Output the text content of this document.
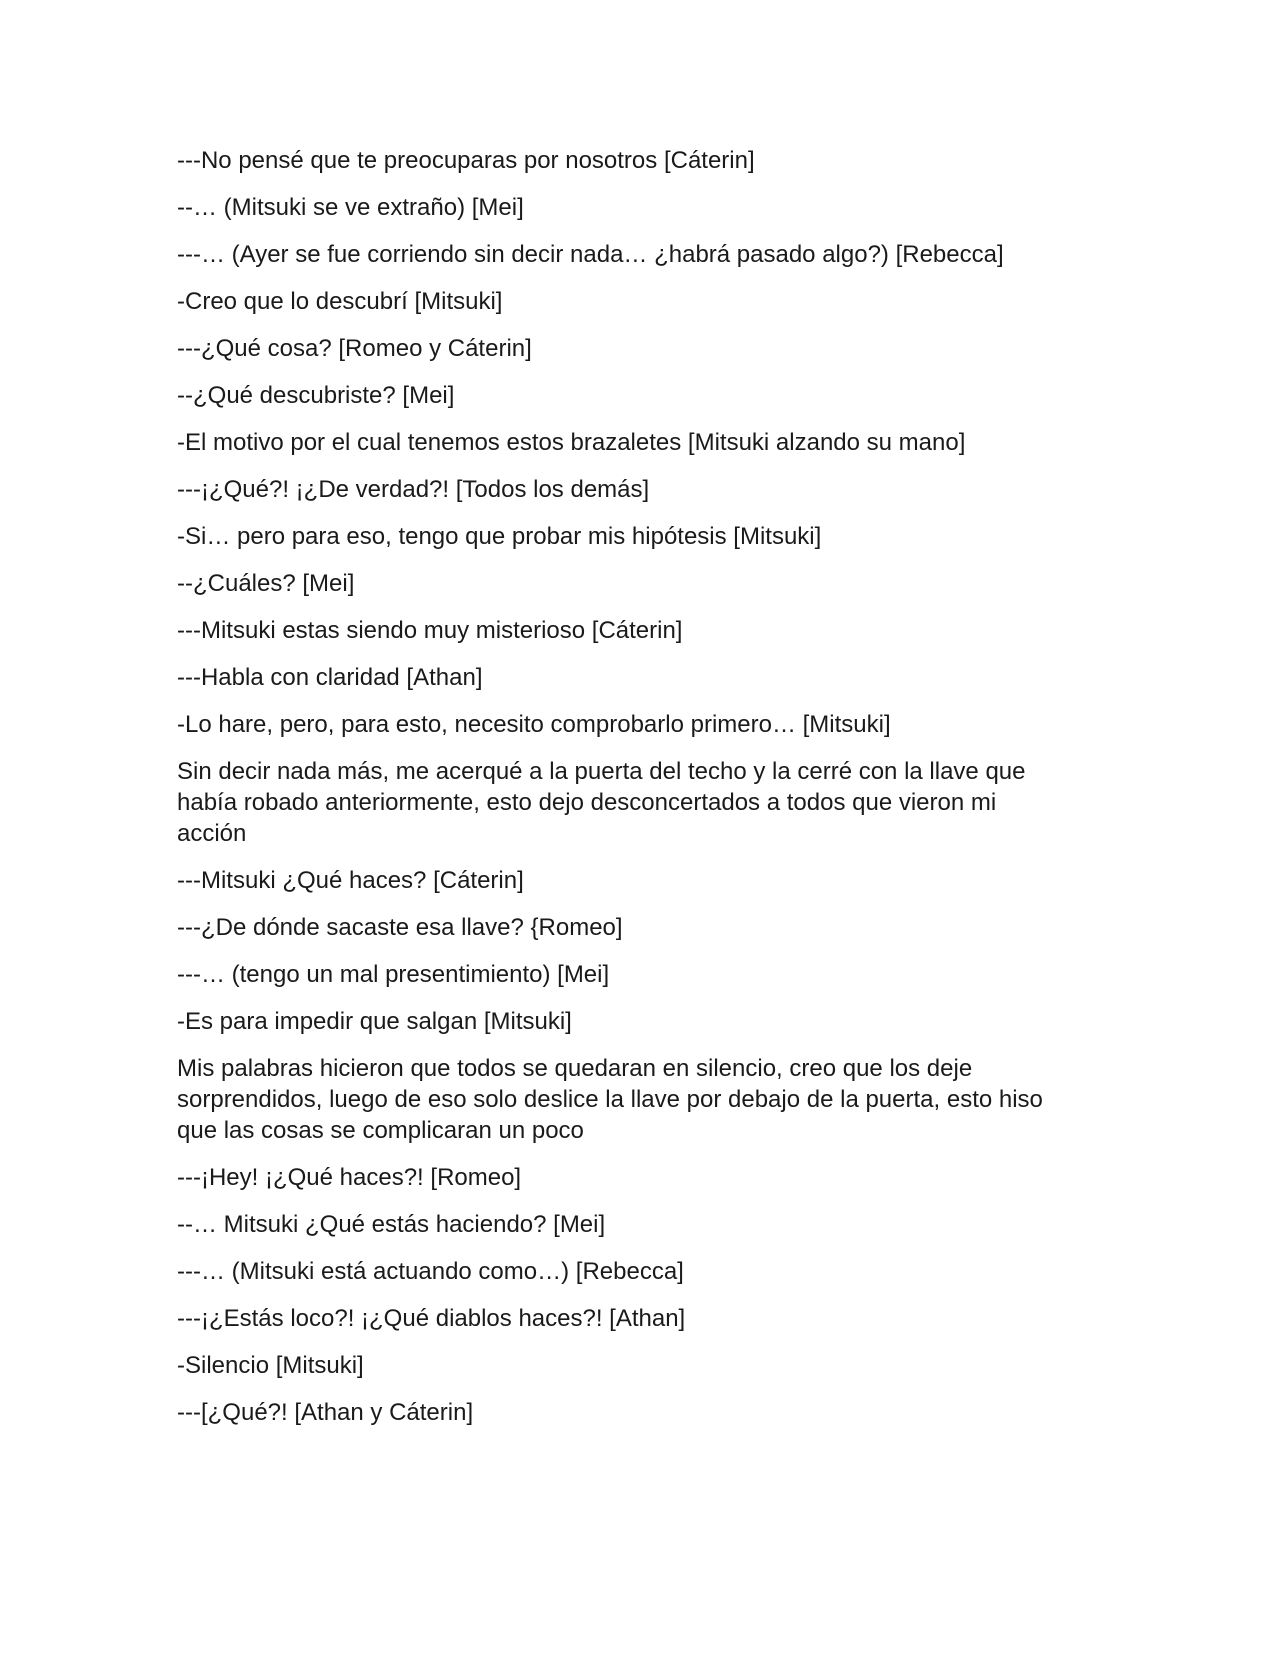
---No pensé que te preocuparas por nosotros [Cáterin]

--… (Mitsuki se ve extraño) [Mei]

---… (Ayer se fue corriendo sin decir nada… ¿habrá pasado algo?) [Rebecca]

-Creo que lo descubrí [Mitsuki]

---¿Qué cosa? [Romeo y Cáterin]

--¿Qué descubriste? [Mei]

-El motivo por el cual tenemos estos brazaletes [Mitsuki alzando su mano]

---¡¿Qué?! ¡¿De verdad?! [Todos los demás]

-Si… pero para eso, tengo que probar mis hipótesis [Mitsuki]

--¿Cuáles? [Mei]

---Mitsuki estas siendo muy misterioso [Cáterin]

---Habla con claridad [Athan]

-Lo hare, pero, para esto, necesito comprobarlo primero… [Mitsuki]

Sin decir nada más, me acerqué a la puerta del techo y la cerré con la llave que
había robado anteriormente, esto dejo desconcertados a todos que vieron mi
acción

---Mitsuki ¿Qué haces? [Cáterin]

---¿De dónde sacaste esa llave? {Romeo]

---… (tengo un mal presentimiento) [Mei]

-Es para impedir que salgan [Mitsuki]

Mis palabras hicieron que todos se quedaran en silencio, creo que los deje
sorprendidos, luego de eso solo deslice la llave por debajo de la puerta, esto hiso
que las cosas se complicaran un poco

---¡Hey! ¡¿Qué haces?! [Romeo]

--… Mitsuki ¿Qué estás haciendo? [Mei]

---… (Mitsuki está actuando como…) [Rebecca]

---¡¿Estás loco?! ¡¿Qué diablos haces?! [Athan]

-Silencio [Mitsuki]

---[¿Qué?! [Athan y Cáterin]
